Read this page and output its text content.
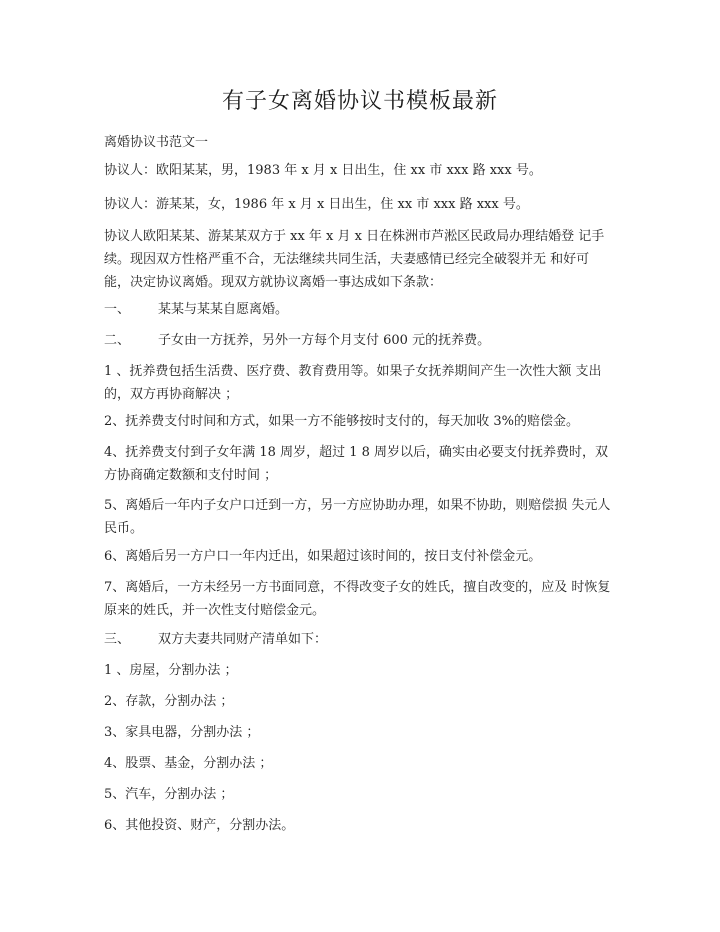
有子女离婚协议书模板最新
离婚协议书范文一
协议人：欧阳某某，男，1983 年 x 月 x 日出生，住 xx 市 xxx 路 xxx 号。
协议人：游某某，女，1986 年 x 月 x 日出生，住 xx 市 xxx 路 xxx 号。
协议人欧阳某某、游某某双方于 xx 年 x 月 x 日在株洲市芦淞区民政局办理结婚登 记手续。现因双方性格严重不合，无法继续共同生活，夫妻感情已经完全破裂并无 和好可能，决定协议离婚。现双方就协议离婚一事达成如下条款：
一、 某某与某某自愿离婚。
二、 子女由一方抚养，另外一方每个月支付 600 元的抚养费。
1 、抚养费包括生活费、医疗费、教育费用等。如果子女抚养期间产生一次性大额 支出的，双方再协商解决 ；
2、抚养费支付时间和方式，如果一方不能够按时支付的，每天加收 3%的赔偿金。
4、抚养费支付到子女年满 18 周岁，超过 1 8 周岁以后，确实由必要支付抚养费时，双方协商确定数额和支付时间 ；
5、离婚后一年内子女户口迁到一方，另一方应协助办理，如果不协助，则赔偿损 失元人民币。
6、离婚后另一方户口一年内迁出，如果超过该时间的，按日支付补偿金元。
7、离婚后，一方未经另一方书面同意，不得改变子女的姓氏，擅自改变的，应及 时恢复原来的姓氏，并一次性支付赔偿金元。
三、 双方夫妻共同财产清单如下：
1 、房屋，分割办法 ；
2、存款，分割办法 ；
3、家具电器，分割办法 ；
4、股票、基金，分割办法 ；
5、汽车，分割办法 ；
6、其他投资、财产，分割办法。
